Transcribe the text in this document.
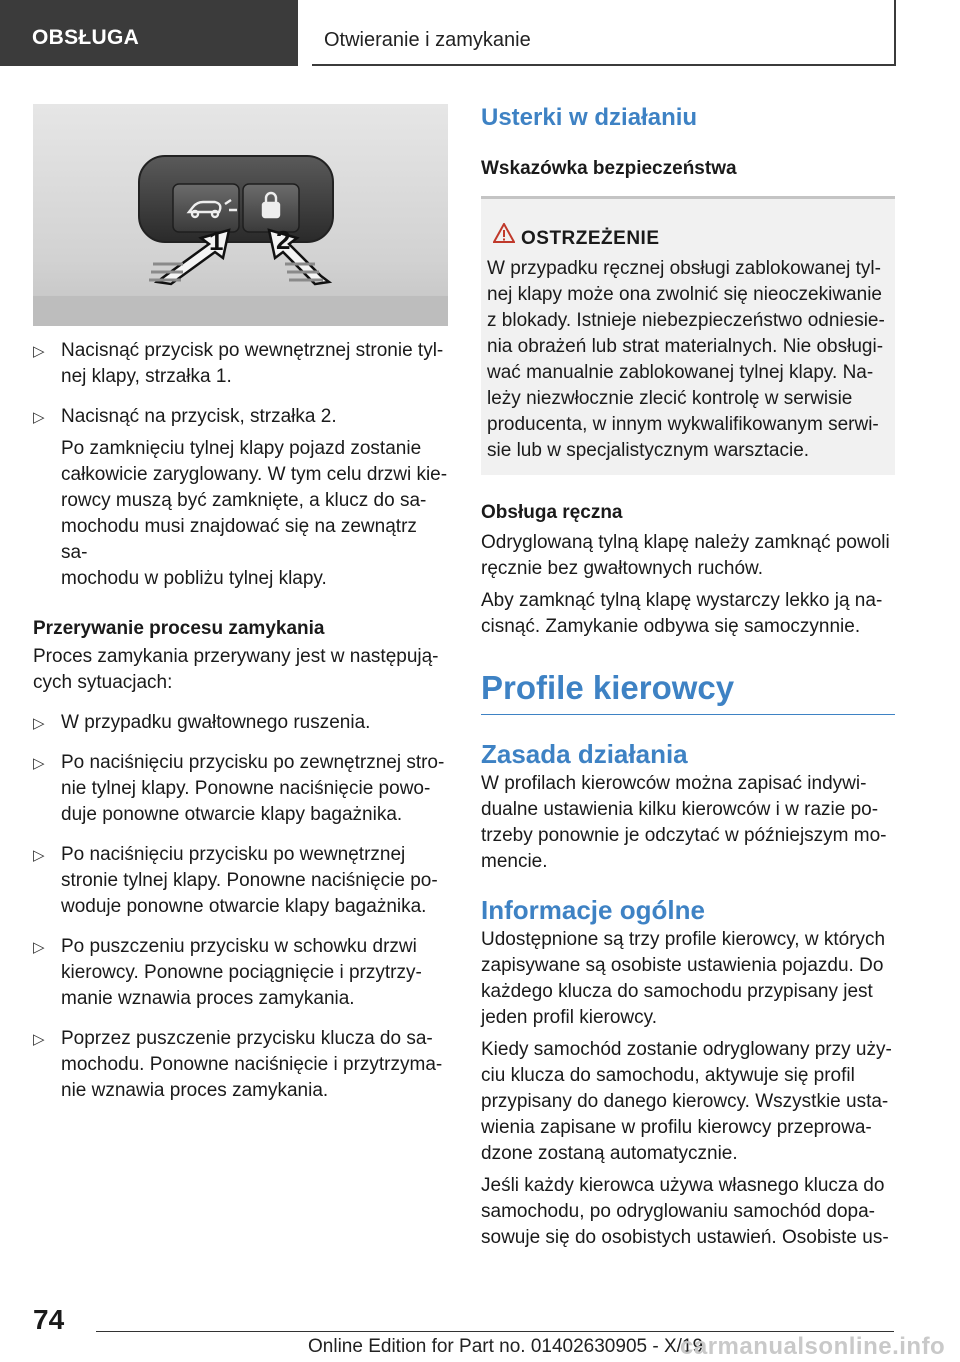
OBSŁUGA	Otwieranie i zamykanie
1 2
▷ Nacisnąć przycisk po wewnętrznej stronie tyl-
nej klapy, strzałka 1.
▷ Nacisnąć na przycisk, strzałka 2.

Po zamknięciu tylnej klapy pojazd zostanie
całkowicie zaryglowany. W tym celu drzwi kie-
rowcy muszą być zamknięte, a klucz do sa-
mochodu musi znajdować się na zewnątrz sa-
mochodu w pobliżu tylnej klapy.

Przerywanie procesu zamykania

Proces zamykania przerywany jest w następują-
cych sytuacjach:

▷ W przypadku gwałtownego ruszenia.
▷ Po naciśnięciu przycisku po zewnętrznej stro-
nie tylnej klapy. Ponowne naciśnięcie powo-
duje ponowne otwarcie klapy bagażnika.
▷ Po naciśnięciu przycisku po wewnętrznej
stronie tylnej klapy. Ponowne naciśnięcie po-
woduje ponowne otwarcie klapy bagażnika.
▷ Po puszczeniu przycisku w schowku drzwi
kierowcy. Ponowne pociągnięcie i przytrzy-
manie wznawia proces zamykania.
▷ Poprzez puszczenie przycisku klucza do sa-
mochodu. Ponowne naciśnięcie i przytrzyma-
nie wznawia proces zamykania.
Usterki w działaniu
Wskazówka bezpieczeństwa
OSTRZEŻENIE
W przypadku ręcznej obsługi zablokowanej tyl-
nej klapy może ona zwolnić się nieoczekiwanie
z blokady. Istnieje niebezpieczeństwo odniesie-
nia obrażeń lub strat materialnych. Nie obsługi-
wać manualnie zablokowanej tylnej klapy. Na-
leży niezwłocznie zlecić kontrolę w serwisie
producenta, w innym wykwalifikowanym serwi-
sie lub w specjalistycznym warsztacie.
Obsługa ręczna

Odryglowaną tylną klapę należy zamknąć powoli
ręcznie bez gwałtownych ruchów.

Aby zamknąć tylną klapę wystarczy lekko ją na-
cisnąć. Zamykanie odbywa się samoczynnie.

Profile kierowcy
Zasada działania

W profilach kierowców można zapisać indywi-
dualne ustawienia kilku kierowców i w razie po-
trzeby ponownie je odczytać w późniejszym mo-
mencie.

Informacje ogólne

Udostępnione są trzy profile kierowcy, w których
zapisywane są osobiste ustawienia pojazdu. Do
każdego klucza do samochodu przypisany jest
jeden profil kierowcy.

Kiedy samochód zostanie odryglowany przy uży-
ciu klucza do samochodu, aktywuje się profil
przypisany do danego kierowcy. Wszystkie usta-
wienia zapisane w profilu kierowcy przeprowa-
dzone zostaną automatycznie.

Jeśli każdy kierowca używa własnego klucza do
samochodu, po odryglowaniu samochód dopa-
sowuje się do osobistych ustawień. Osobiste us-

74
Online Edition for Part no. 01402630905 - X/19
carmanualsonline.info
